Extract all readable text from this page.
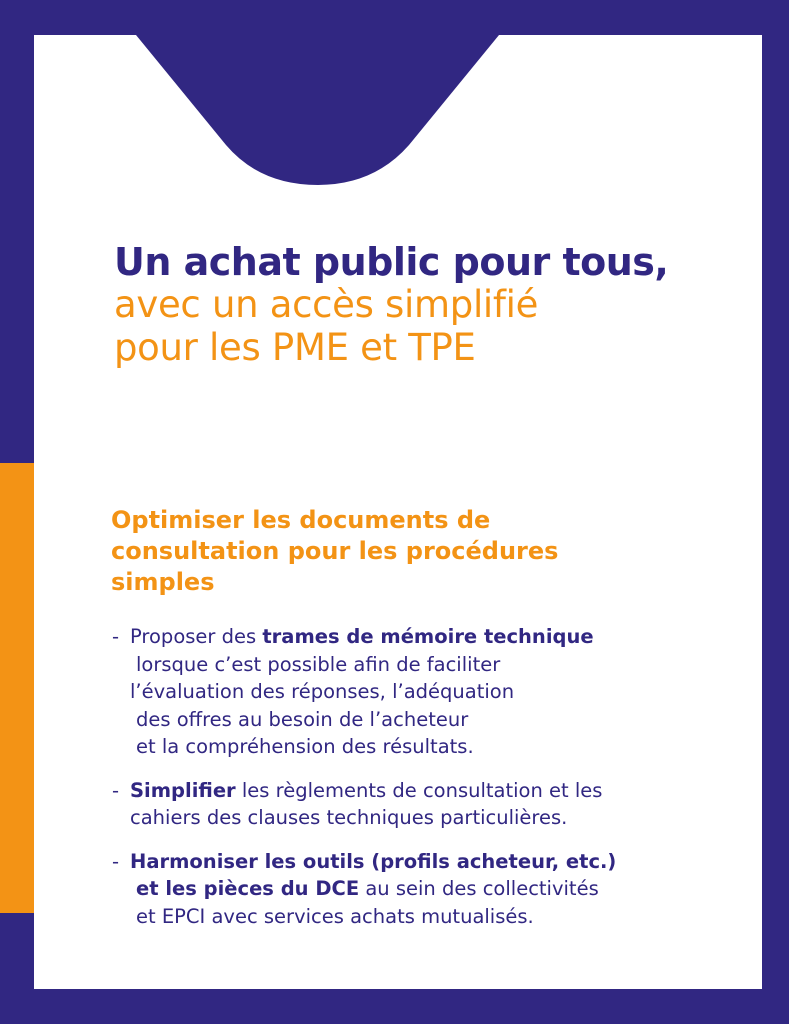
Un achat public pour tous,
avec un accès simplifié
pour les PME et TPE
Optimiser les documents de
consultation pour les procédures
simples
- Proposer des trames de mémoire technique
lorsque c’est possible afin de faciliter
l’évaluation des réponses, l’adéquation
des offres au besoin de l’acheteur
et la compréhension des résultats.
- Simplifier les règlements de consultation et les
cahiers des clauses techniques particulières.
- Harmoniser les outils (profils acheteur, etc.)
et les pièces du DCE au sein des collectivités
et EPCI avec services achats mutualisés.
